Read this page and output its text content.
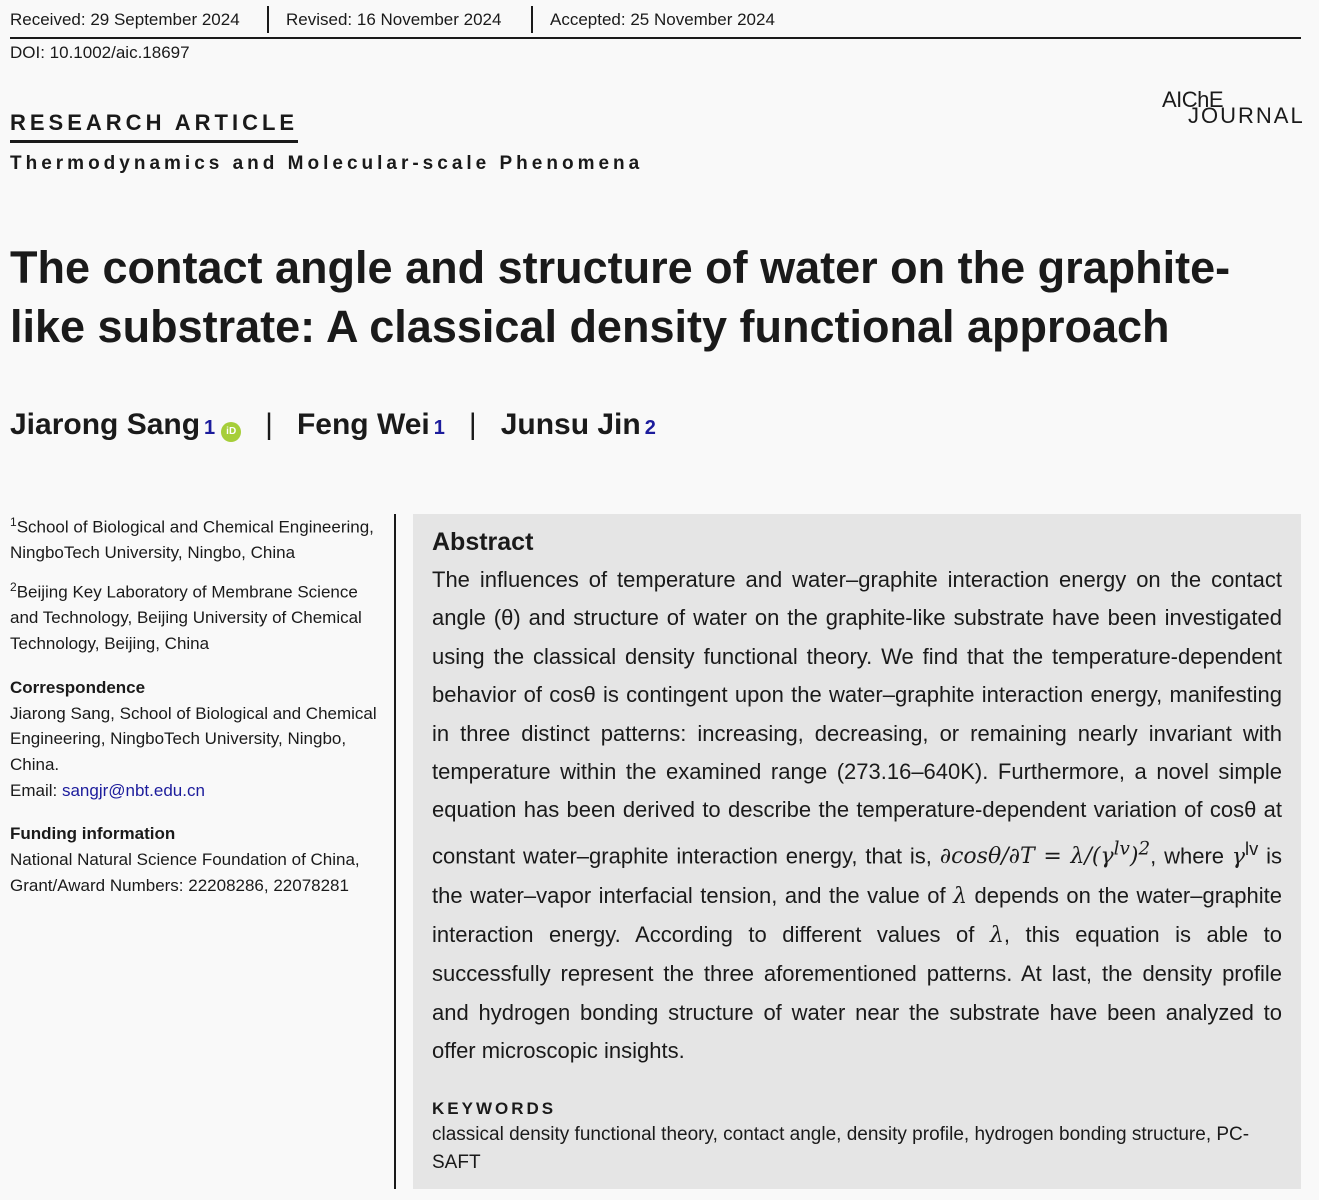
Received: 29 September 2024	Revised: 16 November 2024	Accepted: 25 November 2024
DOI: 10.1002/aic.18697
AIChE
JOURNAL
RESEARCH ARTICLE
Thermodynamics and Molecular-scale Phenomena
The contact angle and structure of water on the graphite-like substrate: A classical density functional approach
Jiarong Sang 1	iD | Feng Wei 1 | Junsu Jin 2

$^1$School of Biological and Chemical Engineering, NingboTech University, Ningbo, China

$^2$Beijing Key Laboratory of Membrane Science and Technology, Beijing University of Chemical Technology, Beijing, China

Correspondence

Jiarong Sang, School of Biological and Chemical Engineering, NingboTech University, Ningbo, China.

Email: sangjr@nbt.edu.cn

Funding information

National Natural Science Foundation of China, Grant/Award Numbers: 22208286, 22078281

Abstract
The influences of temperature and water–graphite interaction energy on the contact angle (θ) and structure of water on the graphite-like substrate have been investigated using the classical density functional theory. We find that the temperature-dependent behavior of cosθ is contingent upon the water–graphite interaction energy, manifesting in three distinct patterns: increasing, decreasing, or remaining nearly invariant with temperature within the examined range (273.16–640K). Furthermore, a novel simple equation has been derived to describe the temperature-dependent variation of cosθ at constant water–graphite interaction energy, that is, $\partial\cos\theta/\partial T = \lambda/(\gamma^{lv})^2$, where $\gamma^{lv}$ is the water–vapor interfacial tension, and the value of λ depends on the water–graphite interaction energy. According to different values of λ, this equation is able to successfully represent the three aforementioned patterns. At last, the density profile and hydrogen bonding structure of water near the substrate have been analyzed to offer microscopic insights.
KEYWORDS
classical density functional theory, contact angle, density profile, hydrogen bonding structure, PC-SAFT
